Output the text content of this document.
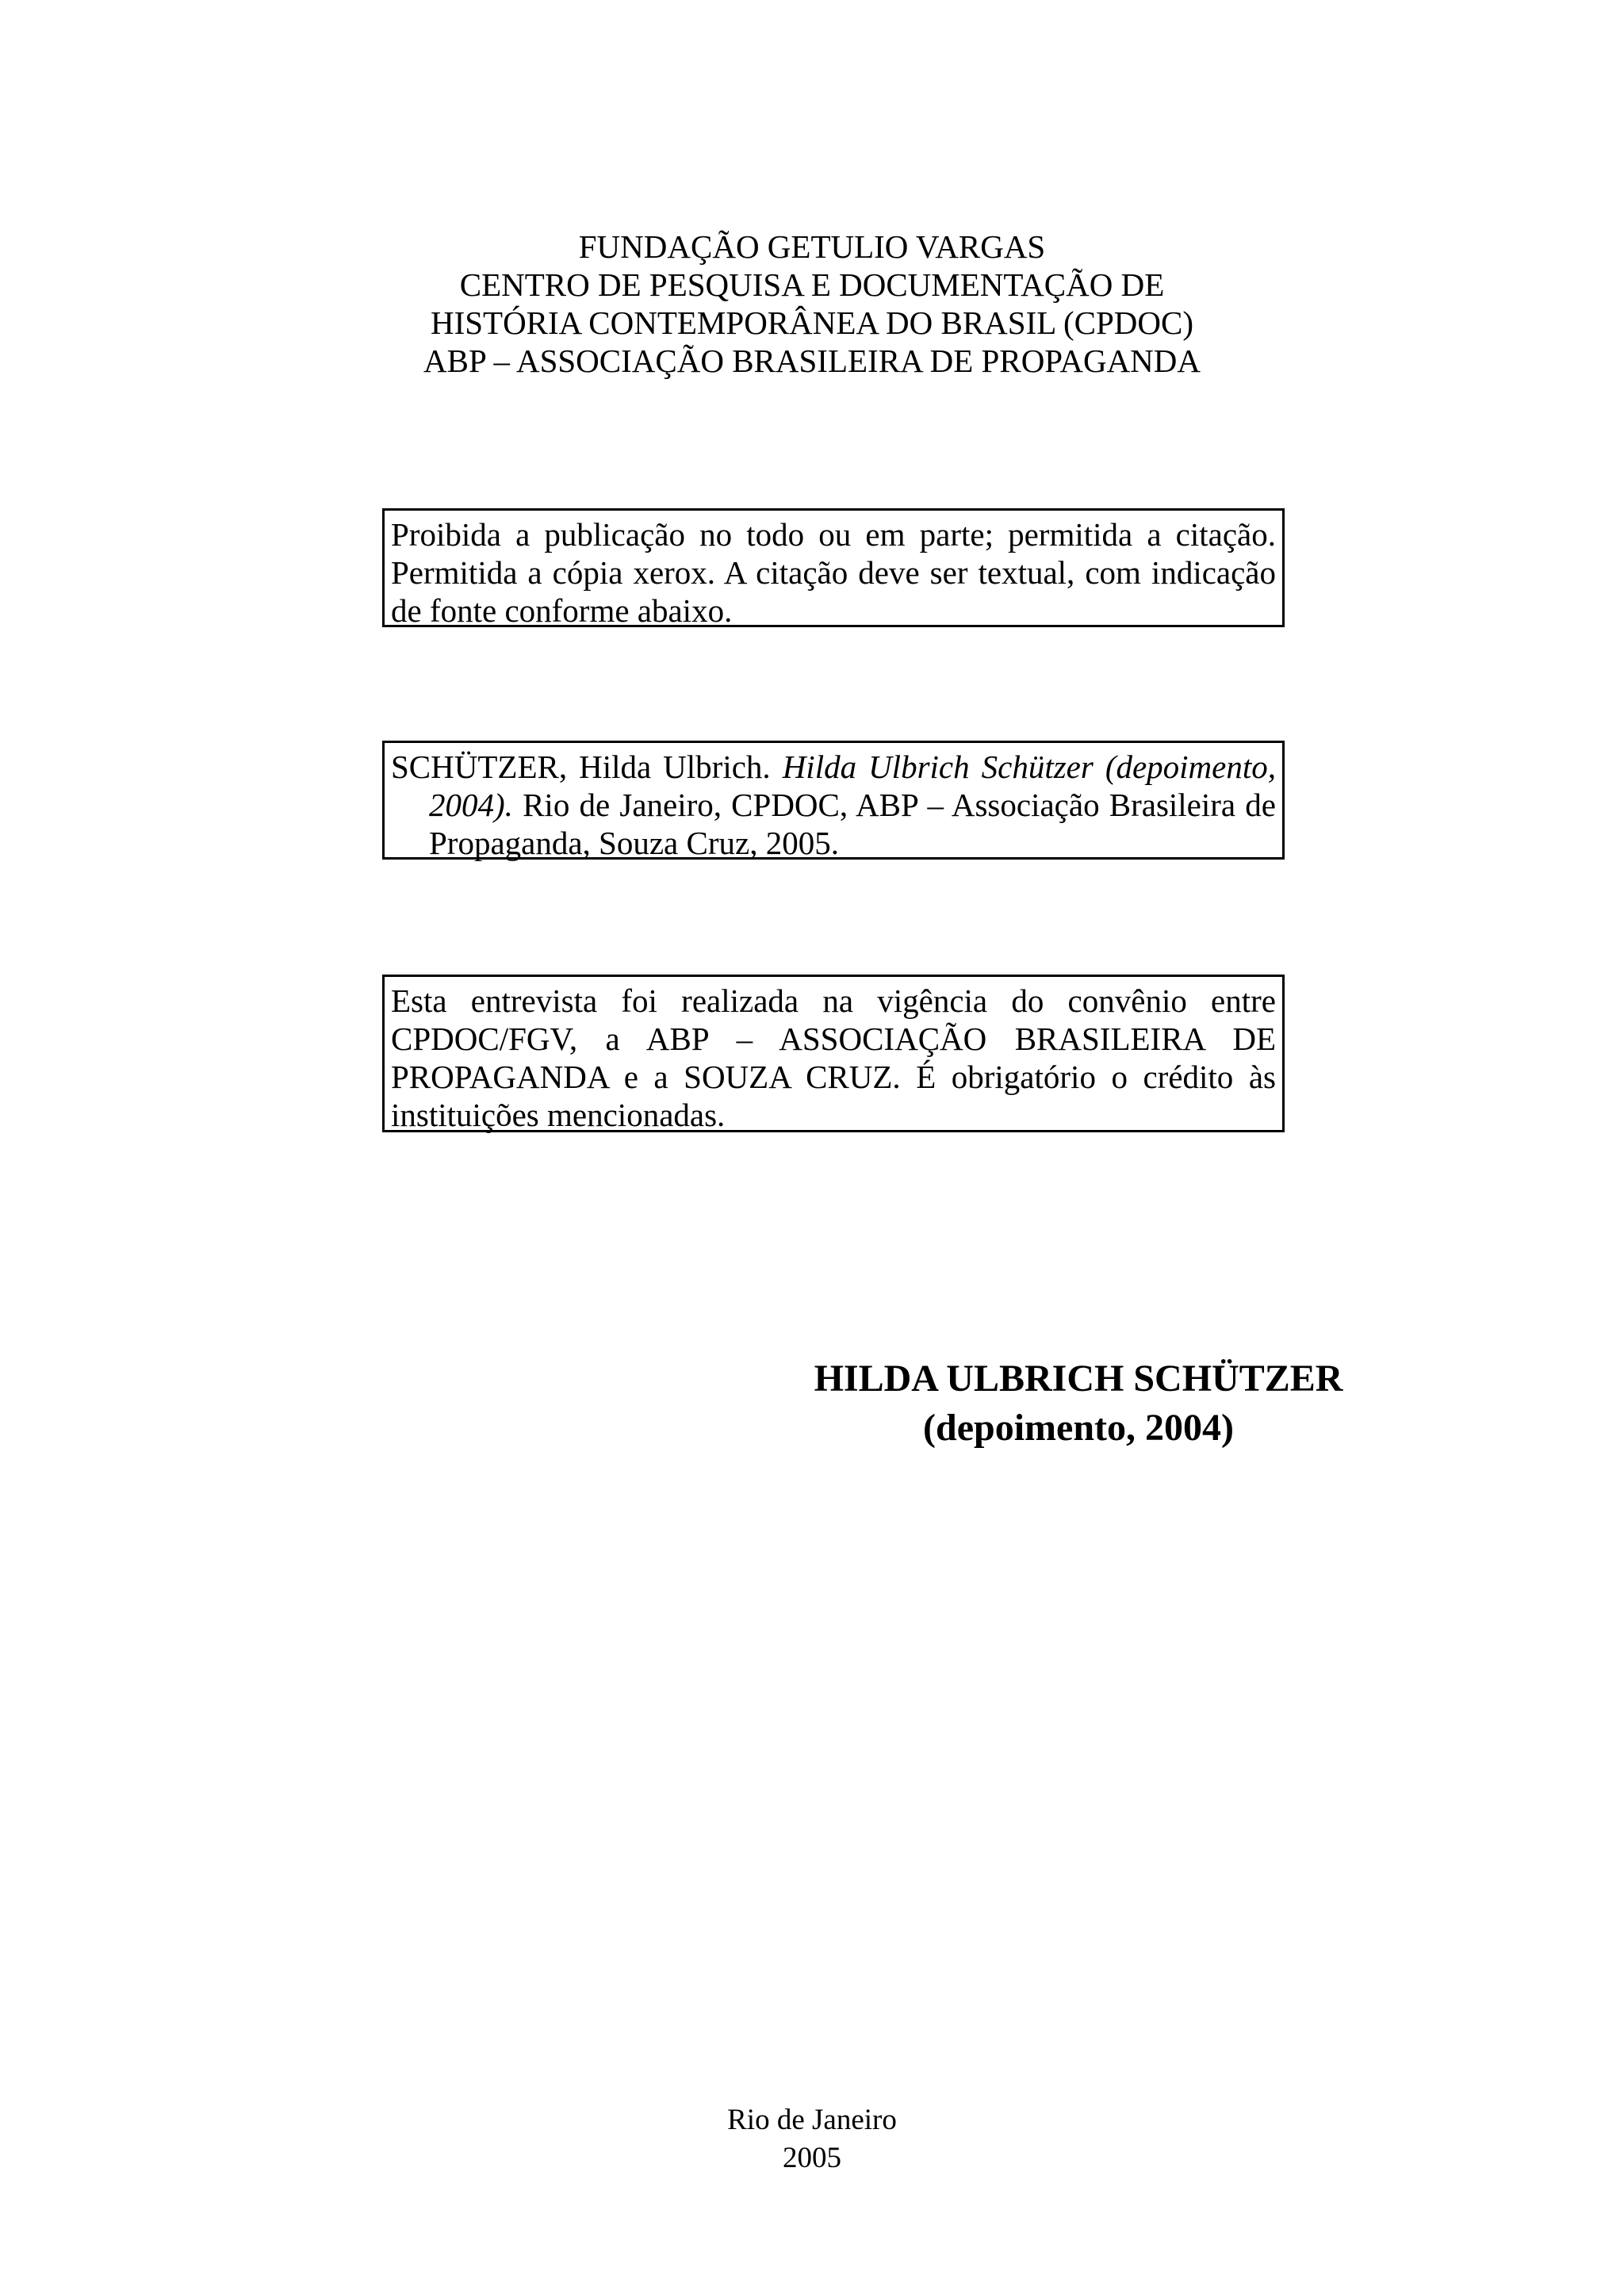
FUNDAÇÃO GETULIO VARGAS
CENTRO DE PESQUISA E DOCUMENTAÇÃO DE
HISTÓRIA CONTEMPORÂNEA DO BRASIL (CPDOC)
ABP – ASSOCIAÇÃO BRASILEIRA DE PROPAGANDA
Proibida a publicação no todo ou em parte; permitida a citação.
Permitida a cópia xerox. A citação deve ser textual, com indicação
de fonte conforme abaixo.

SCHÜTZER, Hilda Ulbrich. Hilda Ulbrich Schützer (depoimento, 2004). Rio de Janeiro, CPDOC, ABP – Associação Brasileira de Propaganda, Souza Cruz, 2005.

Esta entrevista foi realizada na vigência do convênio entre
CPDOC/FGV, a ABP – ASSOCIAÇÃO BRASILEIRA DE
PROPAGANDA e a SOUZA CRUZ. É obrigatório o crédito às
instituições mencionadas.
HILDA ULBRICH SCHÜTZER
(depoimento, 2004)
Rio de Janeiro
2005
